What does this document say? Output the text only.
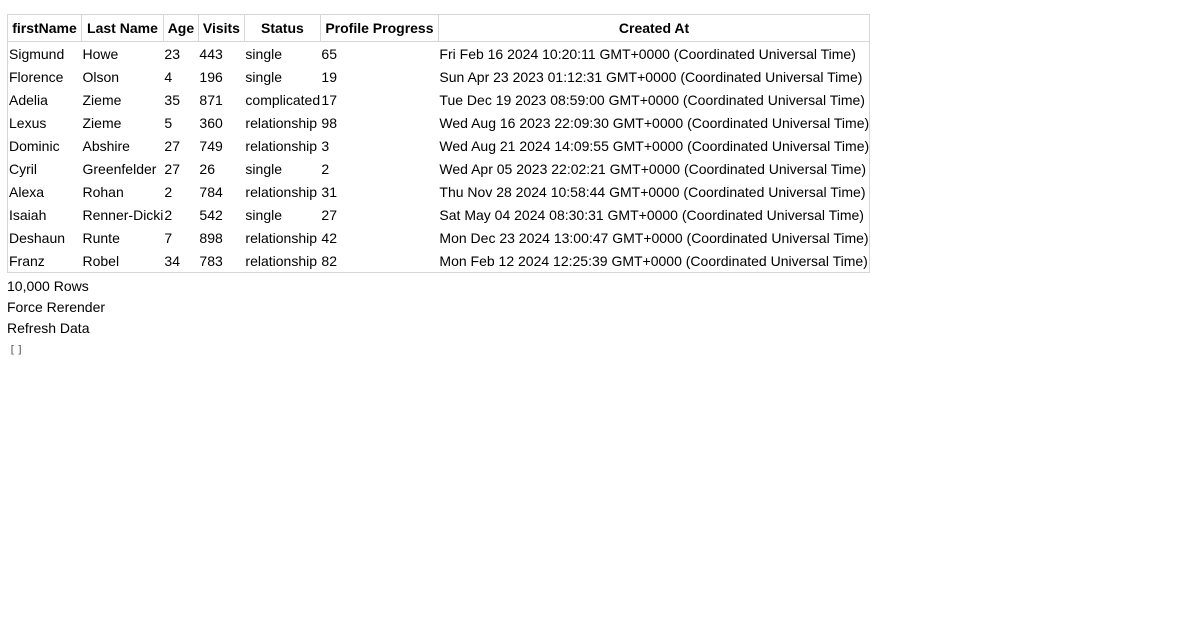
firstName	Last Name	Age	Visits	Status	Profile Progress	Created At
Sigmund	Howe	23	443	single	65	Fri Feb 16 2024 10:20:11 GMT+0000 (Coordinated Universal Time)
Florence	Olson	4	196	single	19	Sun Apr 23 2023 01:12:31 GMT+0000 (Coordinated Universal Time)
Adelia	Zieme	35	871	complicated	17	Tue Dec 19 2023 08:59:00 GMT+0000 (Coordinated Universal Time)
Lexus	Zieme	5	360	relationship	98	Wed Aug 16 2023 22:09:30 GMT+0000 (Coordinated Universal Time)
Dominic	Abshire	27	749	relationship	3	Wed Aug 21 2024 14:09:55 GMT+0000 (Coordinated Universal Time)
Cyril	Greenfelder	27	26	single	2	Wed Apr 05 2023 22:02:21 GMT+0000 (Coordinated Universal Time)
Alexa	Rohan	2	784	relationship	31	Thu Nov 28 2024 10:58:44 GMT+0000 (Coordinated Universal Time)
Isaiah	Renner-Dicki	2	542	single	27	Sat May 04 2024 08:30:31 GMT+0000 (Coordinated Universal Time)
Deshaun	Runte	7	898	relationship	42	Mon Dec 23 2024 13:00:47 GMT+0000 (Coordinated Universal Time)
Franz	Robel	34	783	relationship	82	Mon Feb 12 2024 12:25:39 GMT+0000 (Coordinated Universal Time)
10,000 Rows
Force Rerender
Refresh Data
[]
